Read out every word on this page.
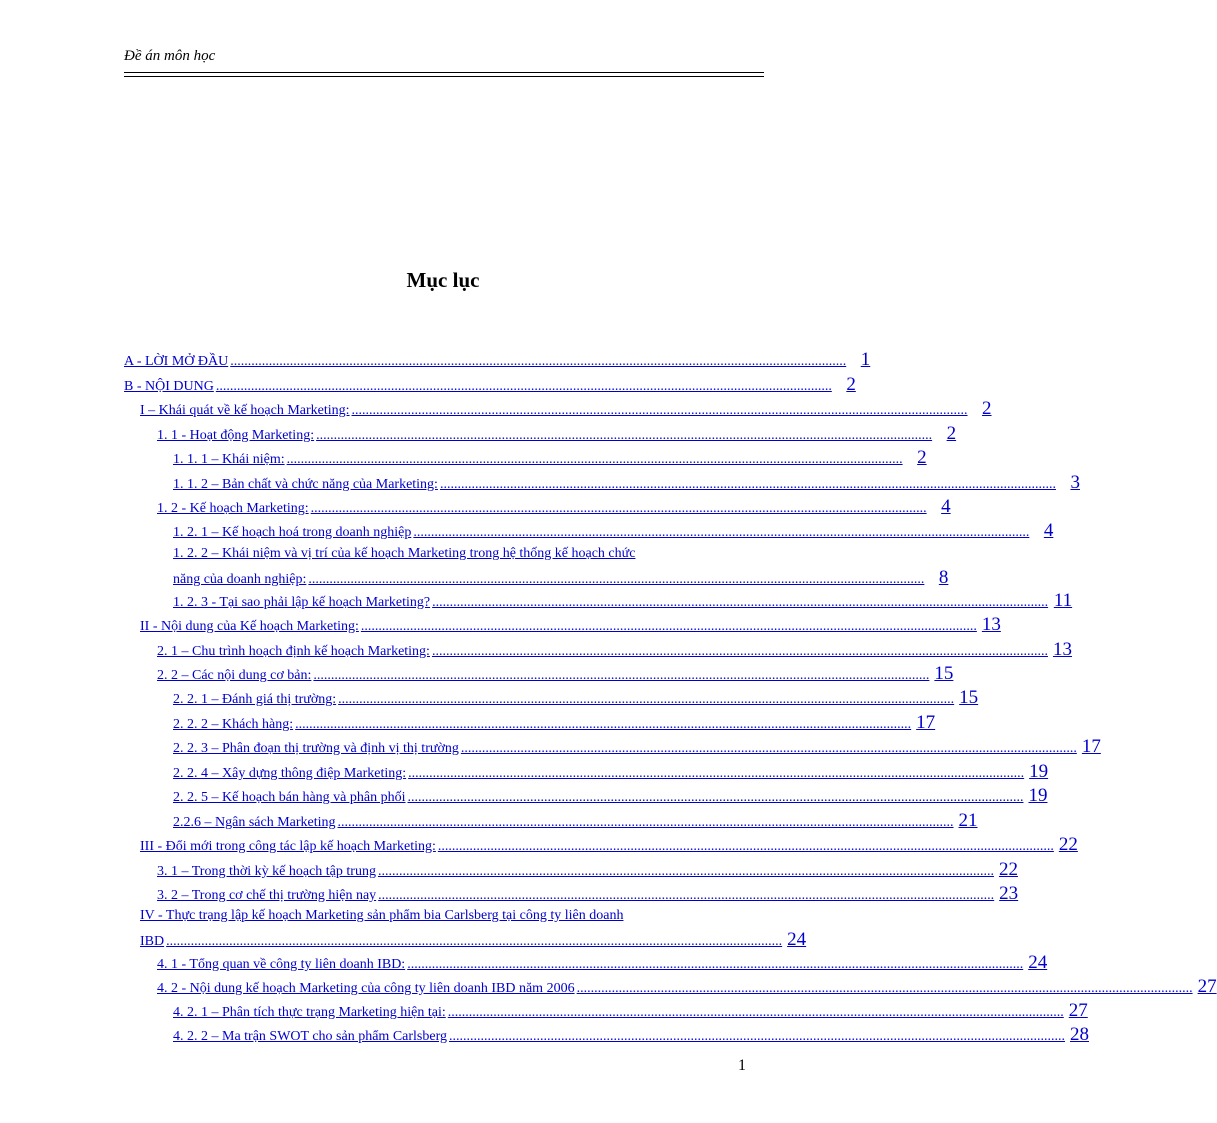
Đề án môn học
Mục lục
A - LỜI MỞ ĐẦU ................................................................................................................................................................................ 1
B - NỘI DUNG ................................................................................................................................................................................ 2
I – Khái quát về kế hoạch Marketing: ................................................................................................................................................................................ 2
1. 1 - Hoạt động Marketing: ................................................................................................................................................................................ 2
1. 1. 1 – Khái niệm: ................................................................................................................................................................................ 2
1. 1. 2 – Bản chất và chức năng của Marketing: ................................................................................................................................................................................ 3
1. 2 - Kế hoạch Marketing: ................................................................................................................................................................................ 4
1. 2. 1 – Kế hoạch hoá trong doanh nghiệp ................................................................................................................................................................................ 4
1. 2. 2 – Khái niệm và vị trí của kế hoạch Marketing trong hệ thống kế hoạch chức
năng của doanh nghiệp: ................................................................................................................................................................................ 8
1. 2. 3 - Tại sao phải lập kế hoạch Marketing? ................................................................................................................................................................................ 11
II - Nội dung của Kế hoạch Marketing: ................................................................................................................................................................................ 13
2. 1 – Chu trình hoạch định kế hoạch Marketing: ................................................................................................................................................................................ 13
2. 2 – Các nội dung cơ bản: ................................................................................................................................................................................ 15
2. 2. 1 – Đánh giá thị trường: ................................................................................................................................................................................ 15
2. 2. 2 – Khách hàng: ................................................................................................................................................................................ 17
2. 2. 3 – Phân đoạn thị trường và định vị thị trường ................................................................................................................................................................................ 17
2. 2. 4 – Xây dựng thông điệp Marketing: ................................................................................................................................................................................ 19
2. 2. 5 – Kế hoạch bán hàng và phân phối ................................................................................................................................................................................ 19
2.2.6 – Ngân sách Marketing ................................................................................................................................................................................ 21
III - Đổi mới trong công tác lập kế hoạch Marketing: ................................................................................................................................................................................ 22
3. 1 – Trong thời kỳ kế hoạch tập trung ................................................................................................................................................................................ 22
3. 2 – Trong cơ chế thị trường hiện nay ................................................................................................................................................................................ 23
IV - Thực trạng lập kế hoạch Marketing sản phẩm bia Carlsberg tại công ty liên doanh
IBD ................................................................................................................................................................................ 24
4. 1 - Tổng quan về công ty liên doanh IBD: ................................................................................................................................................................................ 24
4. 2 - Nội dung kế hoạch Marketing của công ty liên doanh IBD năm 2006 ................................................................................................................................................................................ 27
4. 2. 1 – Phân tích thực trạng Marketing hiện tại: ................................................................................................................................................................................ 27
4. 2. 2 – Ma trận SWOT cho sản phẩm Carlsberg ................................................................................................................................................................................ 28
1
